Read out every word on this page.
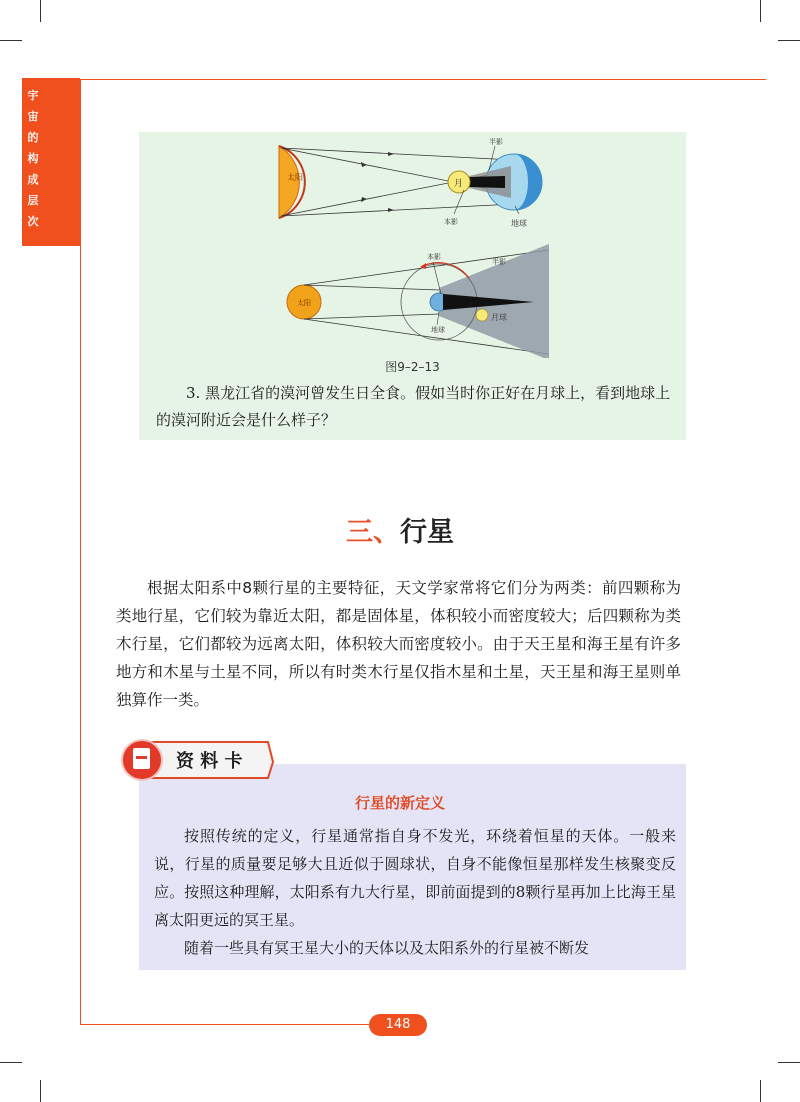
宇
宙
的
构
成
层
次
太阳
月
半影
本影	地球
太阳
本影
半影
地球
月球
图9–2–13
3. 黑龙江省的漠河曾发生日全食。假如当时你正好在月球上，看到地球上的漠河附近会是什么样子？
三、行星
根据太阳系中8颗行星的主要特征，天文学家常将它们分为两类：前四颗称为类地行星，它们较为靠近太阳，都是固体星，体积较小而密度较大；后四颗称为类木行星，它们都较为远离太阳，体积较大而密度较小。由于天王星和海王星有许多地方和木星与土星不同，所以有时类木行星仅指木星和土星，天王星和海王星则单独算作一类。
资 料 卡
行星的新定义

按照传统的定义，行星通常指自身不发光，环绕着恒星的天体。一般来说，行星的质量要足够大且近似于圆球状，自身不能像恒星那样发生核聚变反应。按照这种理解，太阳系有九大行星，即前面提到的8颗行星再加上比海王星离太阳更远的冥王星。

随着一些具有冥王星大小的天体以及太阳系外的行星被不断发

148
